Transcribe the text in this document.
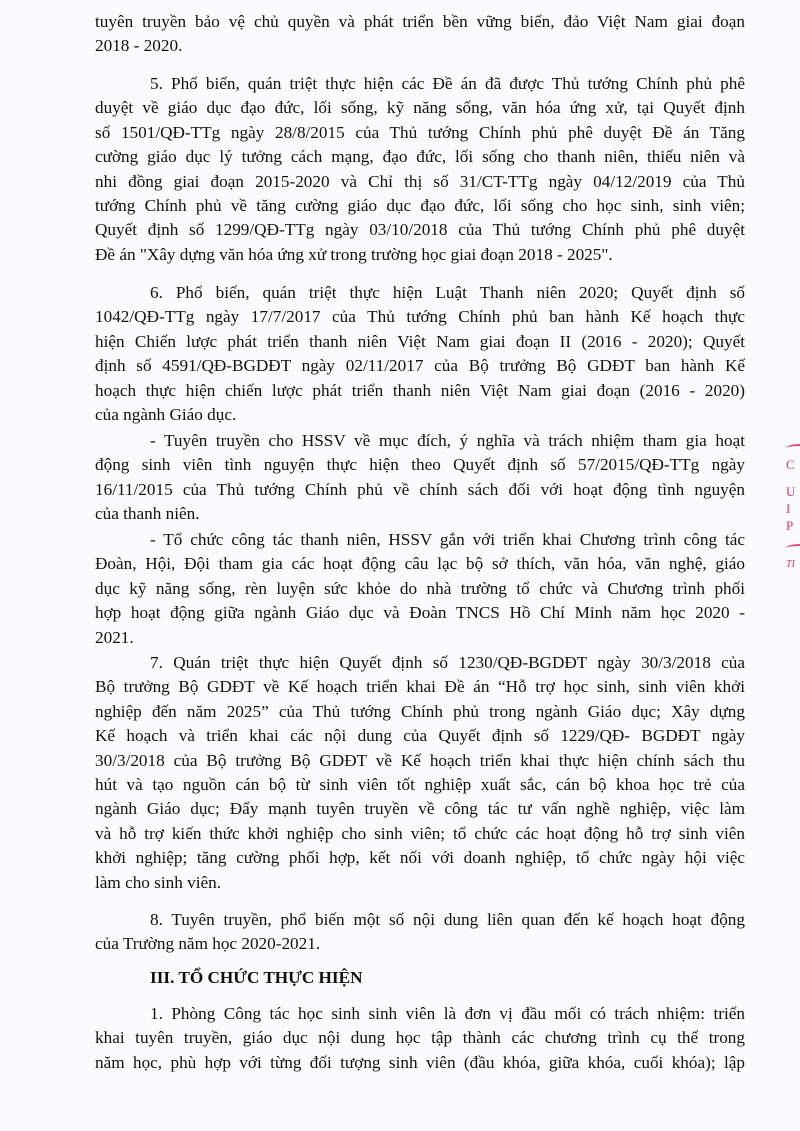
tuyên truyền bảo vệ chủ quyền và phát triển bền vững biển, đảo Việt Nam giai đoạn
2018 - 2020.
5. Phổ biến, quán triệt thực hiện các Đề án đã được Thủ tướng Chính phủ phê
duyệt về giáo dục đạo đức, lối sống, kỹ năng sống, văn hóa ứng xử, tại Quyết định
số 1501/QĐ-TTg ngày 28/8/2015 của Thủ tướng Chính phủ phê duyệt Đề án Tăng
cường giáo dục lý tưởng cách mạng, đạo đức, lối sống cho thanh niên, thiếu niên và
nhi đồng giai đoạn 2015-2020 và Chỉ thị số 31/CT-TTg ngày 04/12/2019 của Thủ
tướng Chính phủ về tăng cường giáo dục đạo đức, lối sống cho học sinh, sinh viên;
Quyết định số 1299/QĐ-TTg ngày 03/10/2018 của Thủ tướng Chính phủ phê duyệt
Đề án "Xây dựng văn hóa ứng xử trong trường học giai đoạn 2018 - 2025".
6. Phổ biến, quán triệt thực hiện Luật Thanh niên 2020; Quyết định số
1042/QĐ-TTg ngày 17/7/2017 của Thủ tướng Chính phủ ban hành Kế hoạch thực
hiện Chiến lược phát triển thanh niên Việt Nam giai đoạn II (2016 - 2020); Quyết
định số 4591/QĐ-BGDĐT ngày 02/11/2017 của Bộ trưởng Bộ GDĐT ban hành Kế
hoạch thực hiện chiến lược phát triển thanh niên Việt Nam giai đoạn (2016 - 2020)
của ngành Giáo dục.
- Tuyên truyền cho HSSV về mục đích, ý nghĩa và trách nhiệm tham gia hoạt
động sinh viên tình nguyện thực hiện theo Quyết định số 57/2015/QĐ-TTg ngày
16/11/2015 của Thủ tướng Chính phủ về chính sách đối với hoạt động tình nguyện
của thanh niên.
- Tổ chức công tác thanh niên, HSSV gắn với triển khai Chương trình công tác
Đoàn, Hội, Đội tham gia các hoạt động câu lạc bộ sở thích, văn hóa, văn nghệ, giáo
dục kỹ năng sống, rèn luyện sức khỏe do nhà trường tổ chức và Chương trình phối
hợp hoạt động giữa ngành Giáo dục và Đoàn TNCS Hồ Chí Minh năm học 2020 -
2021.
7. Quán triệt thực hiện Quyết định số 1230/QĐ-BGDĐT ngày 30/3/2018 của
Bộ trưởng Bộ GDĐT về Kế hoạch triển khai Đề án “Hỗ trợ học sinh, sinh viên khởi
nghiệp đến năm 2025” của Thủ tướng Chính phủ trong ngành Giáo dục; Xây dựng
Kế hoạch và triển khai các nội dung của Quyết định số 1229/QĐ- BGDĐT ngày
30/3/2018 của Bộ trưởng Bộ GDĐT về Kế hoạch triển khai thực hiện chính sách thu
hút và tạo nguồn cán bộ từ sinh viên tốt nghiệp xuất sắc, cán bộ khoa học trẻ của
ngành Giáo dục; Đẩy mạnh tuyên truyền về công tác tư vấn nghề nghiệp, việc làm
và hỗ trợ kiến thức khởi nghiệp cho sinh viên; tổ chức các hoạt động hỗ trợ sinh viên
khởi nghiệp; tăng cường phối hợp, kết nối với doanh nghiệp, tổ chức ngày hội việc
làm cho sinh viên.
8. Tuyên truyền, phổ biến một số nội dung liên quan đến kế hoạch hoạt động
của Trường năm học 2020-2021.
III. TỔ CHỨC THỰC HIỆN
1. Phòng Công tác học sinh sinh viên là đơn vị đầu mối có trách nhiệm: triển
khai tuyên truyền, giáo dục nội dung học tập thành các chương trình cụ thể trong
năm học, phù hợp với từng đối tượng sinh viên (đầu khóa, giữa khóa, cuối khóa); lập
C
U
I
P
TI
